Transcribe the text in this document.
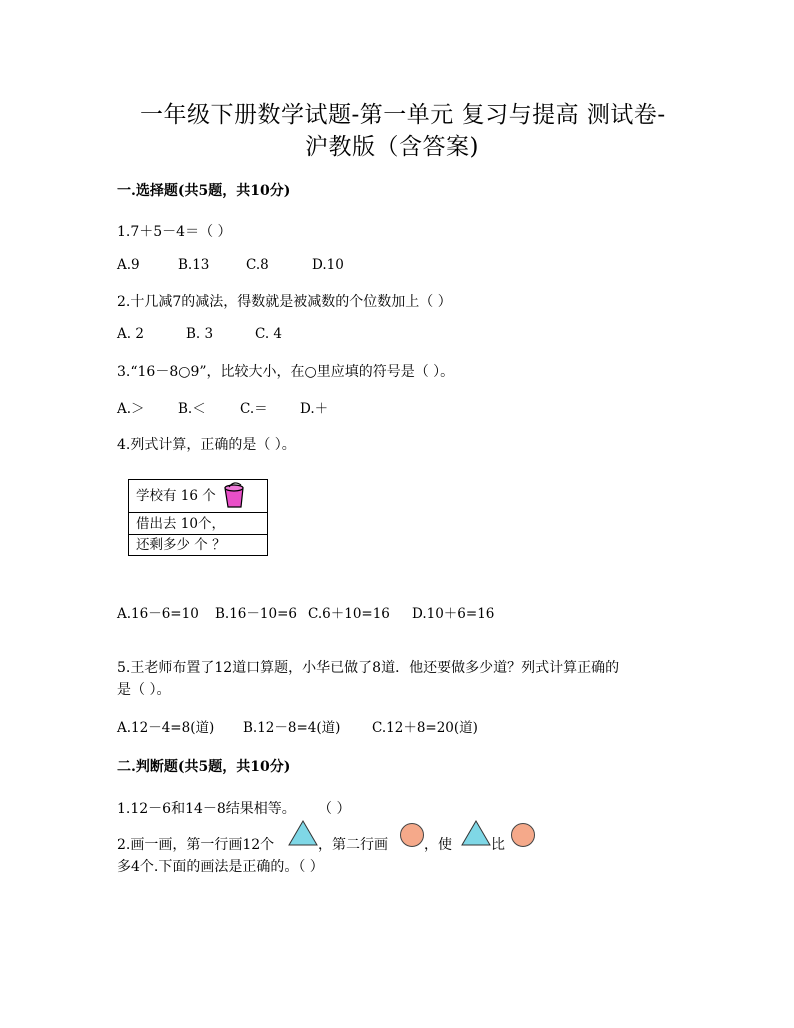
一年级下册数学试题-第一单元 复习与提高 测试卷-
沪教版（含答案)
一.选择题(共5题，共10分)
1.7＋5－4＝（ ）
A.9	B.13	C.8	D.10
2.十几减7的减法，得数就是被减数的个位数加上（ ）
A. 2	B. 3	C. 4
3.“16－8○9”，比较大小，在○里应填的符号是（ ）。
A.＞ B.＜	C.＝ D.＋
4.列式计算，正确的是（ ）。
学校有 16 个
借出去 10个，
还剩多少 个 ？
A.16－6=10 B.16－10=6 C.6＋10=16 D.10＋6=16
5.王老师布置了12道口算题，小华已做了8道．他还要做多少道？列式计算正确的
是（ ）。
A.12－4=8(道) B.12－8=4(道) C.12＋8=20(道)
二.判断题(共5题，共10分)
1.12－6和14－8结果相等。 （ ）
2.画一画，第一行画12个	，第二行画	，使	比
多4个.下面的画法是正确的。（ ）
